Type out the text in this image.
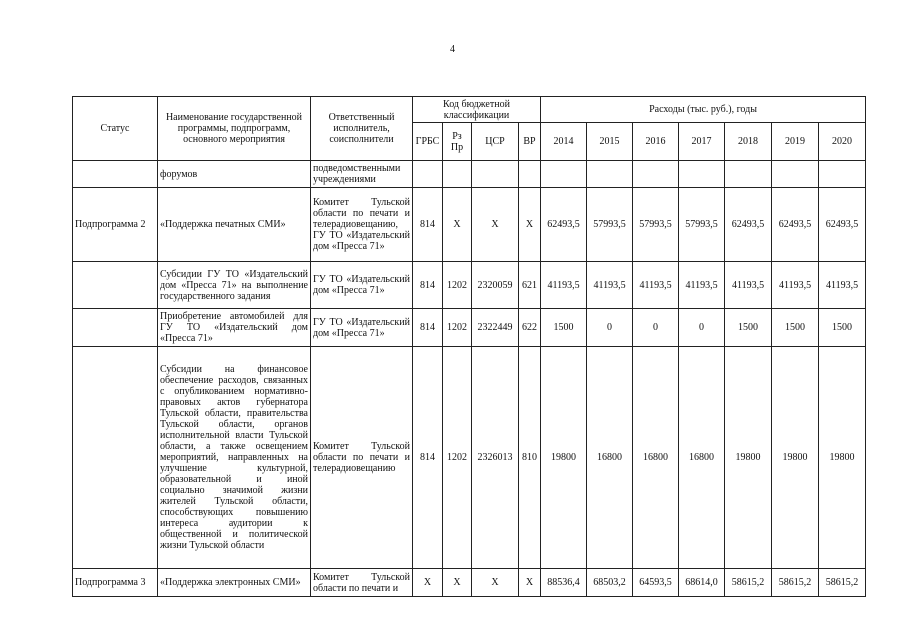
4
Статус	Наименование государственной программы, подпрограмм, основного мероприятия	Ответственный исполнитель, соисполнители	Код бюджетной классификации				Расходы (тыс. руб.), годы						
			ГРБС	Рз Пр	ЦСР	ВР	2014	2015	2016	2017	2018	2019	2020
	форумов	подведомственными учреждениями											
Подпрограмма 2	«Поддержка печатных СМИ»	Комитет Тульской области по печати и телерадиовещанию, ГУ ТО «Издательский дом «Пресса 71»	814	Х	Х	Х	62493,5	57993,5	57993,5	57993,5	62493,5	62493,5	62493,5
	Субсидии ГУ ТО «Издательский дом «Пресса 71» на выполнение государственного задания	ГУ ТО «Издательский дом «Пресса 71»	814	1202	2320059	621	41193,5	41193,5	41193,5	41193,5	41193,5	41193,5	41193,5
	Приобретение автомобилей для ГУ ТО «Издательский дом «Пресса 71»	ГУ ТО «Издательский дом «Пресса 71»	814	1202	2322449	622	1500	0	0	0	1500	1500	1500
	Субсидии на финансовое обеспечение расходов, связанных с опубликованием нормативно-правовых актов губернатора Тульской области, правительства Тульской области, органов исполнительной власти Тульской области, а также освещением мероприятий, направленных на улучшение культурной, образовательной и иной социально значимой жизни жителей Тульской области, способствующих повышению интереса аудитории к общественной и политической жизни Тульской области	Комитет Тульской области по печати и телерадиовещанию	814	1202	2326013	810	19800	16800	16800	16800	19800	19800	19800
Подпрограмма 3	«Поддержка электронных СМИ»	Комитет Тульской области по печати и	Х	Х	Х	Х	88536,4	68503,2	64593,5	68614,0	58615,2	58615,2	58615,2
